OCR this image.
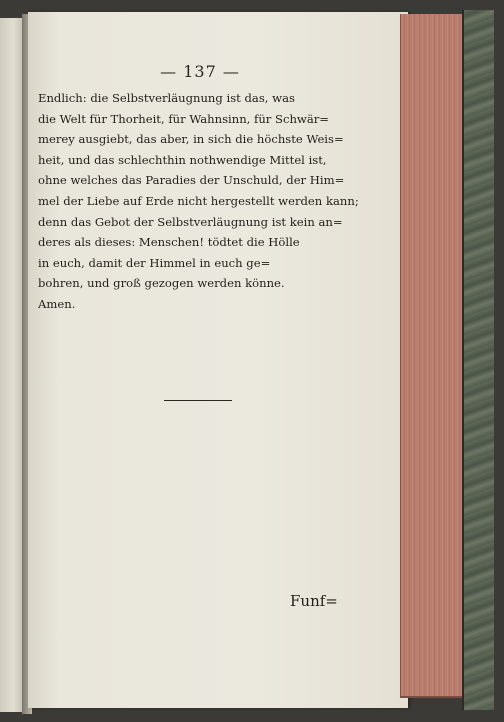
— 137 —
Endlich: die Selbstverläugnung ist das, was
die Welt für Thorheit, für Wahnsinn, für Schwär=
merey ausgiebt, das aber, in sich die höchste Weis=
heit, und das schlechthin nothwendige Mittel ist,
ohne welches das Paradies der Unschuld, der Him=
mel der Liebe auf Erde nicht hergestellt werden kann;
denn das Gebot der Selbstverläugnung ist kein an=
deres als dieses: Menschen! tödtet die Hölle
in euch, damit der Himmel in euch ge=
bohren, und groß gezogen werden könne.
Amen.
Funf=
